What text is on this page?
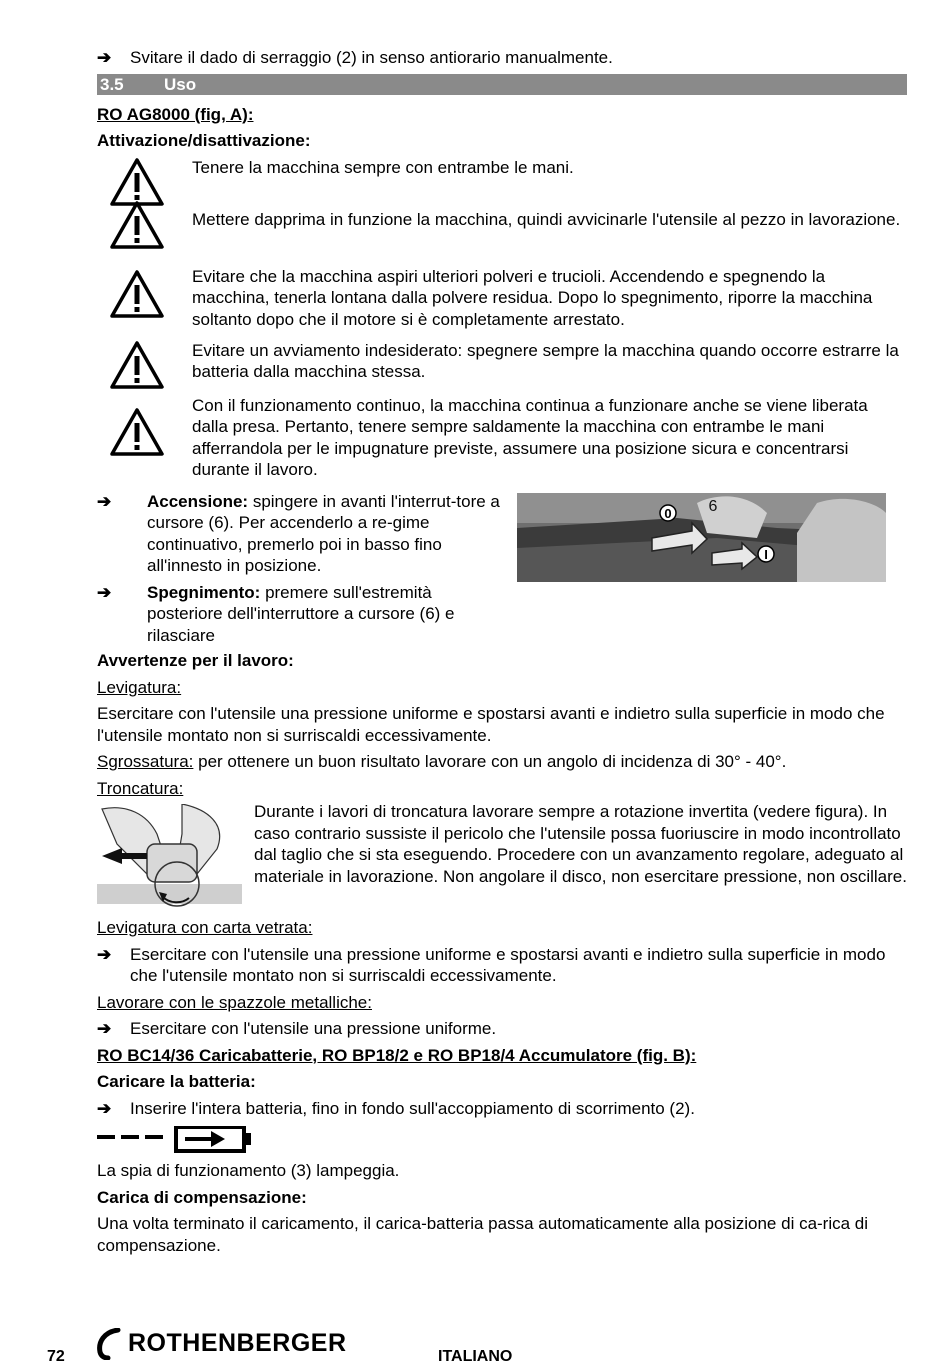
➔	Svitare il dado di serraggio (2) in senso antiorario manualmente.
3.5	Uso
RO AG8000 (fig, A):
Attivazione/disattivazione:
Tenere la macchina sempre con entrambe le mani.
Mettere dapprima in funzione la macchina, quindi avvicinarle l'utensile al pezzo in lavorazione.
Evitare che la macchina aspiri ulteriori polveri e trucioli. Accendendo e spegnendo la macchina, tenerla lontana dalla polvere residua. Dopo lo spegnimento, riporre la macchina soltanto dopo che il motore si è completamente arrestato.
Evitare un avviamento indesiderato: spegnere sempre la macchina quando occorre estrarre la batteria dalla macchina stessa.
Con il funzionamento continuo, la macchina continua a funzionare anche se viene liberata dalla presa. Pertanto, tenere sempre saldamente la macchina con entrambe le mani afferrandola per le impugnature previste, assumere una posizione sicura e concentrarsi durante il lavoro.
➔	Accensione: spingere in avanti l'interrut-tore a cursore (6). Per accenderlo a re-gime continuativo, premerlo poi in basso fino all'innesto in posizione.
➔	Spegnimento: premere sull'estremità posteriore dell'interruttore a cursore (6) e rilasciare
0 6
I
Avvertenze per il lavoro:
Levigatura:

Esercitare con l'utensile una pressione uniforme e spostarsi avanti e indietro sulla superficie in modo che l'utensile montato non si surriscaldi eccessivamente.

Sgrossatura: per ottenere un buon risultato lavorare con un angolo di incidenza di 30° - 40°.

Troncatura:

Durante i lavori di troncatura lavorare sempre a rotazione invertita (vedere figura). In caso contrario sussiste il pericolo che l'utensile possa fuoriuscire in modo incontrollato dal taglio che si sta eseguendo. Procedere con un avanzamento regolare, adeguato al materiale in lavorazione. Non angolare il disco, non esercitare pressione, non oscillare.

Levigatura con carta vetrata:
➔	Esercitare con l'utensile una pressione uniforme e spostarsi avanti e indietro sulla superficie in modo che l'utensile montato non si surriscaldi eccessivamente.
Lavorare con le spazzole metalliche:
➔	Esercitare con l'utensile una pressione uniforme.
RO BC14/36 Caricabatterie, RO BP18/2 e RO BP18/4 Accumulatore (fig. B):
Caricare la batteria:
➔	Inserire l'intera batteria, fino in fondo sull'accoppiamento di scorrimento (2).

La spia di funzionamento (3) lampeggia.

Carica di compensazione:

Una volta terminato il caricamento, il carica-batteria passa automaticamente alla posizione di ca-rica di compensazione.

72	ROTHENBERGER	ITALIANO
